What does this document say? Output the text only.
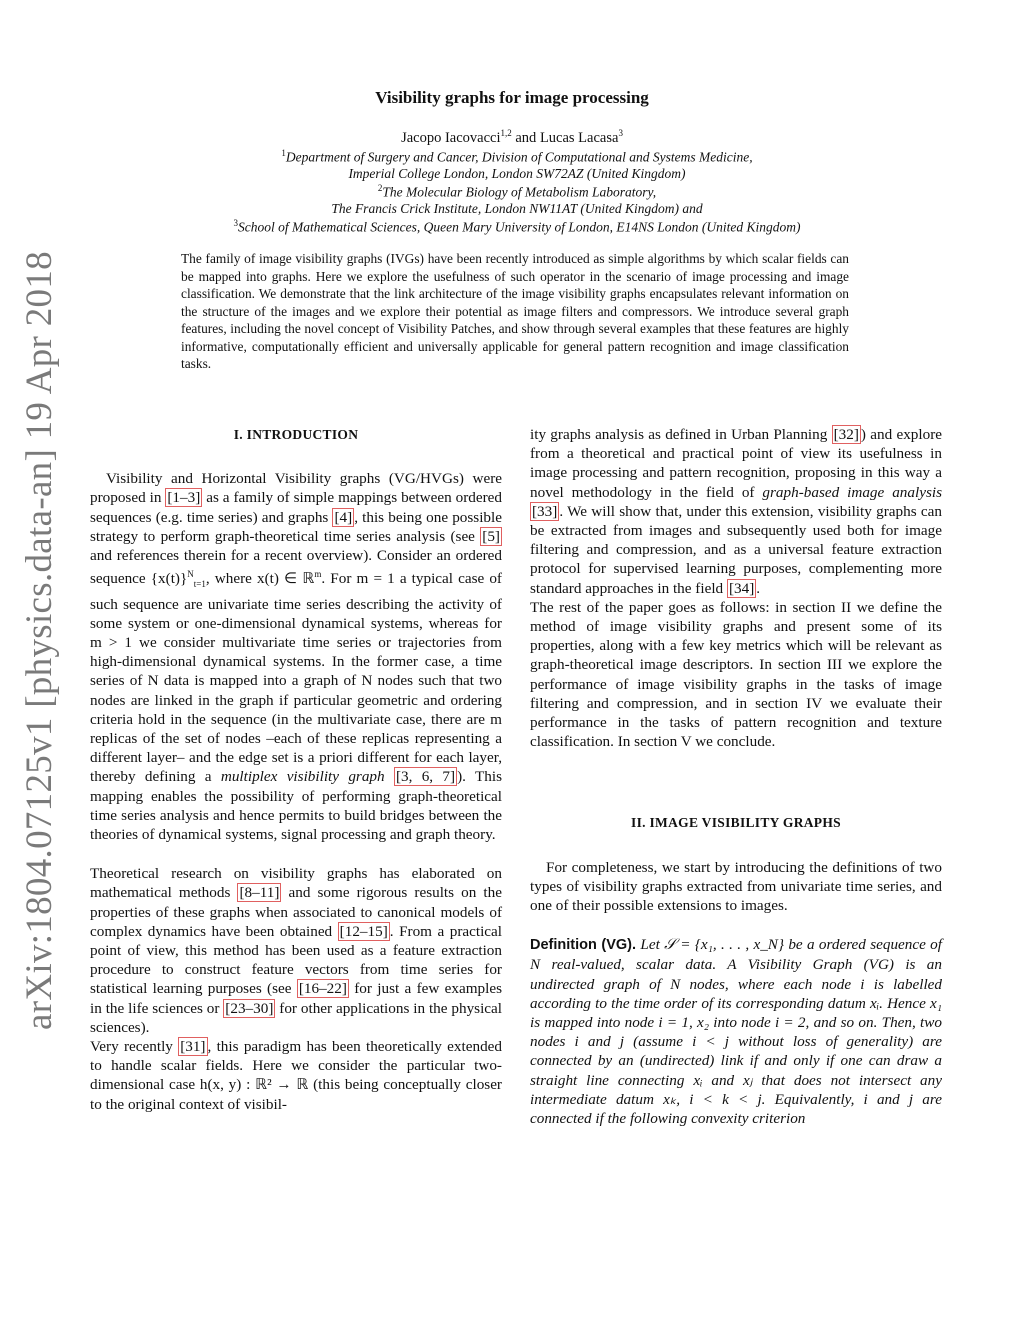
arXiv:1804.07125v1 [physics.data-an] 19 Apr 2018
Visibility graphs for image processing
Jacopo Iacovacci$^{1,2}$ and Lucas Lacasa$^3$
$^1$Department of Surgery and Cancer, Division of Computational and Systems Medicine,
Imperial College London, London SW72AZ (United Kingdom)
$^2$The Molecular Biology of Metabolism Laboratory,
The Francis Crick Institute, London NW11AT (United Kingdom) and
$^3$School of Mathematical Sciences, Queen Mary University of London, E14NS London (United Kingdom)
The family of image visibility graphs (IVGs) have been recently introduced as simple algorithms by which scalar fields can be mapped into graphs. Here we explore the usefulness of such operator in the scenario of image processing and image classification. We demonstrate that the link architecture of the image visibility graphs encapsulates relevant information on the structure of the images and we explore their potential as image filters and compressors. We introduce several graph features, including the novel concept of Visibility Patches, and show through several examples that these features are highly informative, computationally efficient and universally applicable for general pattern recognition and image classification tasks.

I. INTRODUCTION

Visibility and Horizontal Visibility graphs (VG/HVGs) were proposed in [1–3] as a family of simple mappings between ordered sequences (e.g. time series) and graphs [4] , this being one possible strategy to perform graph-theoretical time series analysis (see [5] and references therein for a recent overview). Consider an ordered sequence $\{x(t)\}^N_{t=1}$, where x(t) ∈ ℝ$^m$. For m = 1 a typical case of such sequence are univariate time series describing the activity of some system or one-dimensional dynamical systems, whereas for m > 1 we consider multivariate time series or trajectories from high-dimensional dynamical systems. In the former case, a time series of N data is mapped into a graph of N nodes such that two nodes are linked in the graph if particular geometric and ordering criteria hold in the sequence (in the multivariate case, there are m replicas of the set of nodes –each of these replicas representing a different layer– and the edge set is a priori different for each layer, thereby defining a multiplex visibility graph [3, 6, 7] ). This mapping enables the possibility of performing graph-theoretical time series analysis and hence permits to build bridges between the theories of dynamical systems, signal processing and graph theory.

Theoretical research on visibility graphs has elaborated on mathematical methods [8–11] and some rigorous results on the properties of these graphs when associated to canonical models of complex dynamics have been obtained [12–15] . From a practical point of view, this method has been used as a feature extraction procedure to construct feature vectors from time series for statistical learning purposes (see [16–22] for just a few examples in the life sciences or [23–30] for other applications in the physical sciences).

Very recently [31] , this paradigm has been theoretically extended to handle scalar fields. Here we consider the particular two-dimensional case h(x, y) : ℝ² → ℝ (this being conceptually closer to the original context of visibil-

ity graphs analysis as defined in Urban Planning [32] ) and explore from a theoretical and practical point of view its usefulness in image processing and pattern recognition, proposing in this way a novel methodology in the field of graph-based image analysis [33] . We will show that, under this extension, visibility graphs can be extracted from images and subsequently used both for image filtering and compression, and as a universal feature extraction protocol for supervised learning purposes, complementing more standard approaches in the field [34] .

The rest of the paper goes as follows: in section II we define the method of image visibility graphs and present some of its properties, along with a few key metrics which will be relevant as graph-theoretical image descriptors. In section III we explore the performance of image visibility graphs in the tasks of image filtering and compression, and in section IV we evaluate their performance in the tasks of pattern recognition and texture classification. In section V we conclude.

II. IMAGE VISIBILITY GRAPHS

For completeness, we start by introducing the definitions of two types of visibility graphs extracted from univariate time series, and one of their possible extensions to images.

Definition (VG). Let 𝒮 = {x₁, . . . , x_N} be a ordered sequence of N real-valued, scalar data. A Visibility Graph (VG) is an undirected graph of N nodes, where each node i is labelled according to the time order of its corresponding datum xᵢ. Hence x₁ is mapped into node i = 1, x₂ into node i = 2, and so on. Then, two nodes i and j (assume i < j without loss of generality) are connected by an (undirected) link if and only if one can draw a straight line connecting xᵢ and xⱼ that does not intersect any intermediate datum xₖ, i < k < j. Equivalently, i and j are connected if the following convexity criterion
